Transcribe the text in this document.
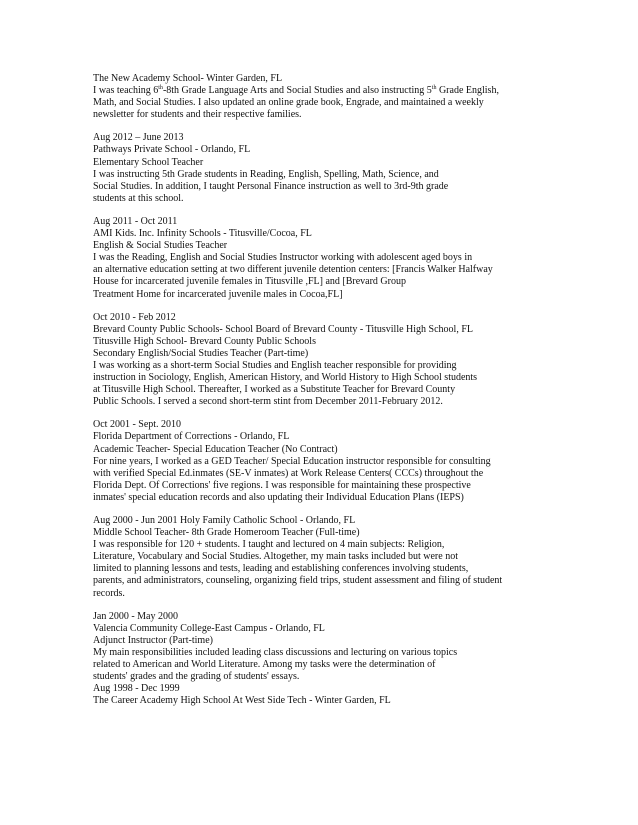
The New Academy School- Winter Garden, FL
I was teaching 6th-8th Grade Language Arts and Social Studies and also instructing 5th Grade English,
Math, and Social Studies. I also updated an online grade book, Engrade, and maintained a weekly
newsletter for students and their respective families.
Aug 2012 – June 2013
Pathways Private School - Orlando, FL
Elementary School Teacher
I was instructing 5th Grade students in Reading, English, Spelling, Math, Science, and
Social Studies. In addition, I taught Personal Finance instruction as well to 3rd-9th grade
students at this school.
Aug 2011 - Oct 2011
AMI Kids. Inc. Infinity Schools - Titusville/Cocoa, FL
English & Social Studies Teacher
I was the Reading, English and Social Studies Instructor working with adolescent aged boys in
an alternative education setting at two different juvenile detention centers: [Francis Walker Halfway
House for incarcerated juvenile females in Titusville ,FL] and [Brevard Group
Treatment Home for incarcerated juvenile males in Cocoa,FL]
Oct 2010 - Feb 2012
Brevard County Public Schools- School Board of Brevard County - Titusville High School, FL
Titusville High School- Brevard County Public Schools
Secondary English/Social Studies Teacher (Part-time)
I was working as a short-term Social Studies and English teacher responsible for providing
instruction in Sociology, English, American History, and World History to High School students
at Titusville High School. Thereafter, I worked as a Substitute Teacher for Brevard County
Public Schools. I served a second short-term stint from December 2011-February 2012.
Oct 2001 - Sept. 2010
Florida Department of Corrections - Orlando, FL
Academic Teacher- Special Education Teacher (No Contract)
For nine years, I worked as a GED Teacher/ Special Education instructor responsible for consulting
with verified Special Ed.inmates (SE-V inmates) at Work Release Centers( CCCs) throughout the
Florida Dept. Of Corrections' five regions. I was responsible for maintaining these prospective
inmates' special education records and also updating their Individual Education Plans (IEPS)
Aug 2000 - Jun 2001 Holy Family Catholic School - Orlando, FL
Middle School Teacher- 8th Grade Homeroom Teacher (Full-time)
I was responsible for 120 + students. I taught and lectured on 4 main subjects: Religion,
Literature, Vocabulary and Social Studies. Altogether, my main tasks included but were not
limited to planning lessons and tests, leading and establishing conferences involving students,
parents, and administrators, counseling, organizing field trips, student assessment and filing of student
records.
Jan 2000 - May 2000
Valencia Community College-East Campus - Orlando, FL
Adjunct Instructor (Part-time)
My main responsibilities included leading class discussions and lecturing on various topics
related to American and World Literature. Among my tasks were the determination of
students' grades and the grading of students' essays.
Aug 1998 - Dec 1999
The Career Academy High School At West Side Tech - Winter Garden, FL
